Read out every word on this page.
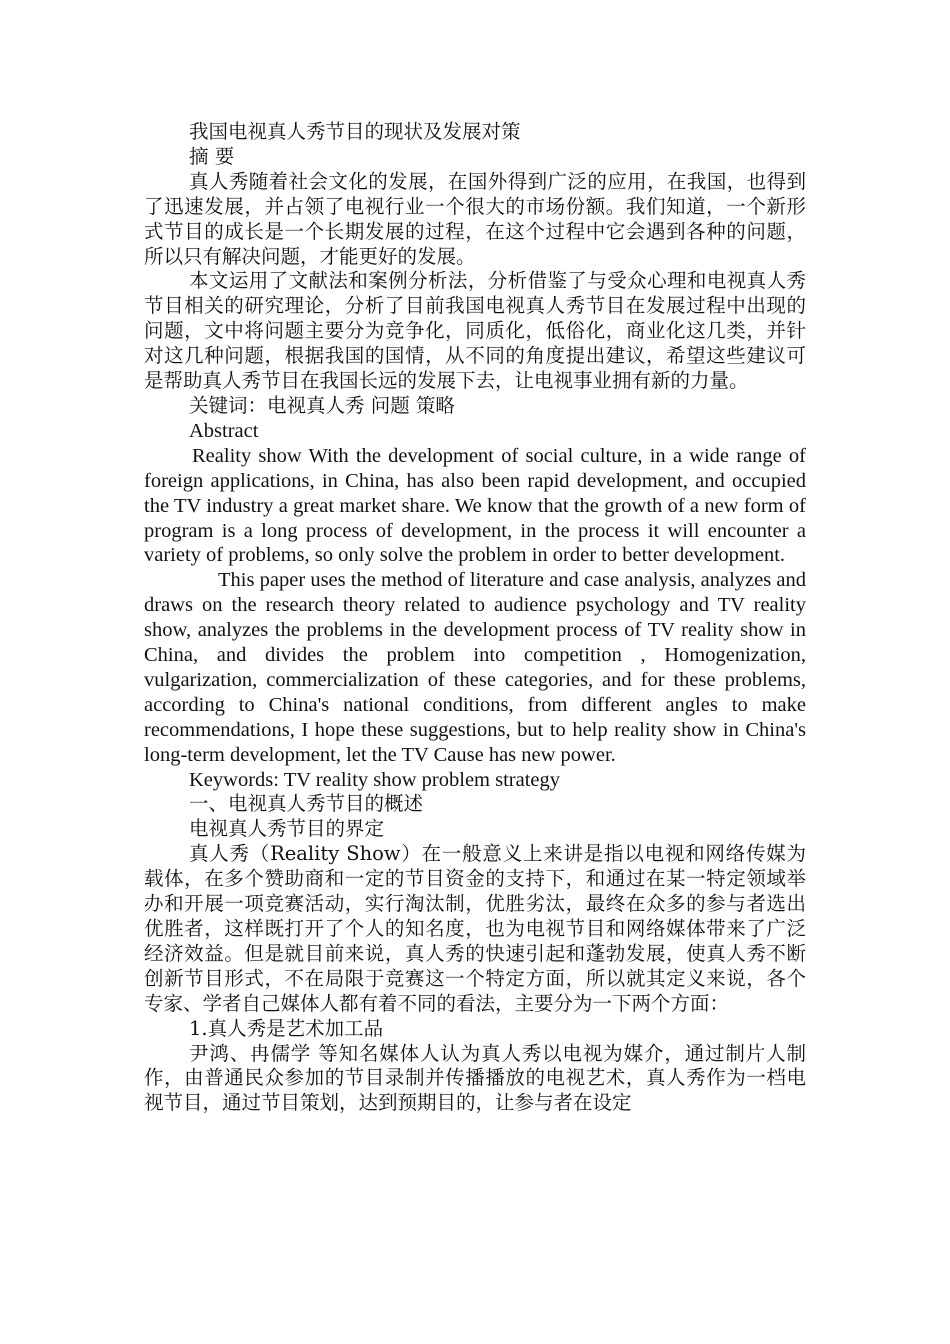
我国电视真人秀节目的现状及发展对策

摘 要

真人秀随着社会文化的发展，在国外得到广泛的应用，在我国，也得到了迅速发展，并占领了电视行业一个很大的市场份额。我们知道，一个新形式节目的成长是一个长期发展的过程，在这个过程中它会遇到各种的问题，所以只有解决问题，才能更好的发展。

本文运用了文献法和案例分析法，分析借鉴了与受众心理和电视真人秀节目相关的研究理论，分析了目前我国电视真人秀节目在发展过程中出现的问题，文中将问题主要分为竞争化，同质化，低俗化，商业化这几类，并针对这几种问题，根据我国的国情，从不同的角度提出建议，希望这些建议可是帮助真人秀节目在我国长远的发展下去，让电视事业拥有新的力量。

关键词：电视真人秀 问题 策略

Abstract

Reality show With the development of social culture, in a wide range of foreign applications, in China, has also been rapid development, and occupied the TV industry a great market share. We know that the growth of a new form of program is a long process of development, in the process it will encounter a variety of problems, so only solve the problem in order to better development.

This paper uses the method of literature and case analysis, analyzes and draws on the research theory related to audience psychology and TV reality show, analyzes the problems in the development process of TV reality show in China, and divides the problem into competition , Homogenization, vulgarization, commercialization of these categories, and for these problems, according to China's national conditions, from different angles to make recommendations, I hope these suggestions, but to help reality show in China's long-term development, let the TV Cause has new power.

Keywords: TV reality show problem strategy

一、电视真人秀节目的概述

电视真人秀节目的界定

真人秀（Reality Show）在一般意义上来讲是指以电视和网络传媒为载体，在多个赞助商和一定的节目资金的支持下，和通过在某一特定领域举办和开展一项竞赛活动，实行淘汰制，优胜劣汰，最终在众多的参与者选出优胜者，这样既打开了个人的知名度，也为电视节目和网络媒体带来了广泛经济效益。但是就目前来说，真人秀的快速引起和蓬勃发展，使真人秀不断创新节目形式，不在局限于竞赛这一个特定方面，所以就其定义来说，各个专家、学者自己媒体人都有着不同的看法，主要分为一下两个方面：

1.真人秀是艺术加工品

尹鸿、冉儒学 等知名媒体人认为真人秀以电视为媒介，通过制片人制作，由普通民众参加的节目录制并传播播放的电视艺术，真人秀作为一档电视节目，通过节目策划，达到预期目的，让参与者在设定
